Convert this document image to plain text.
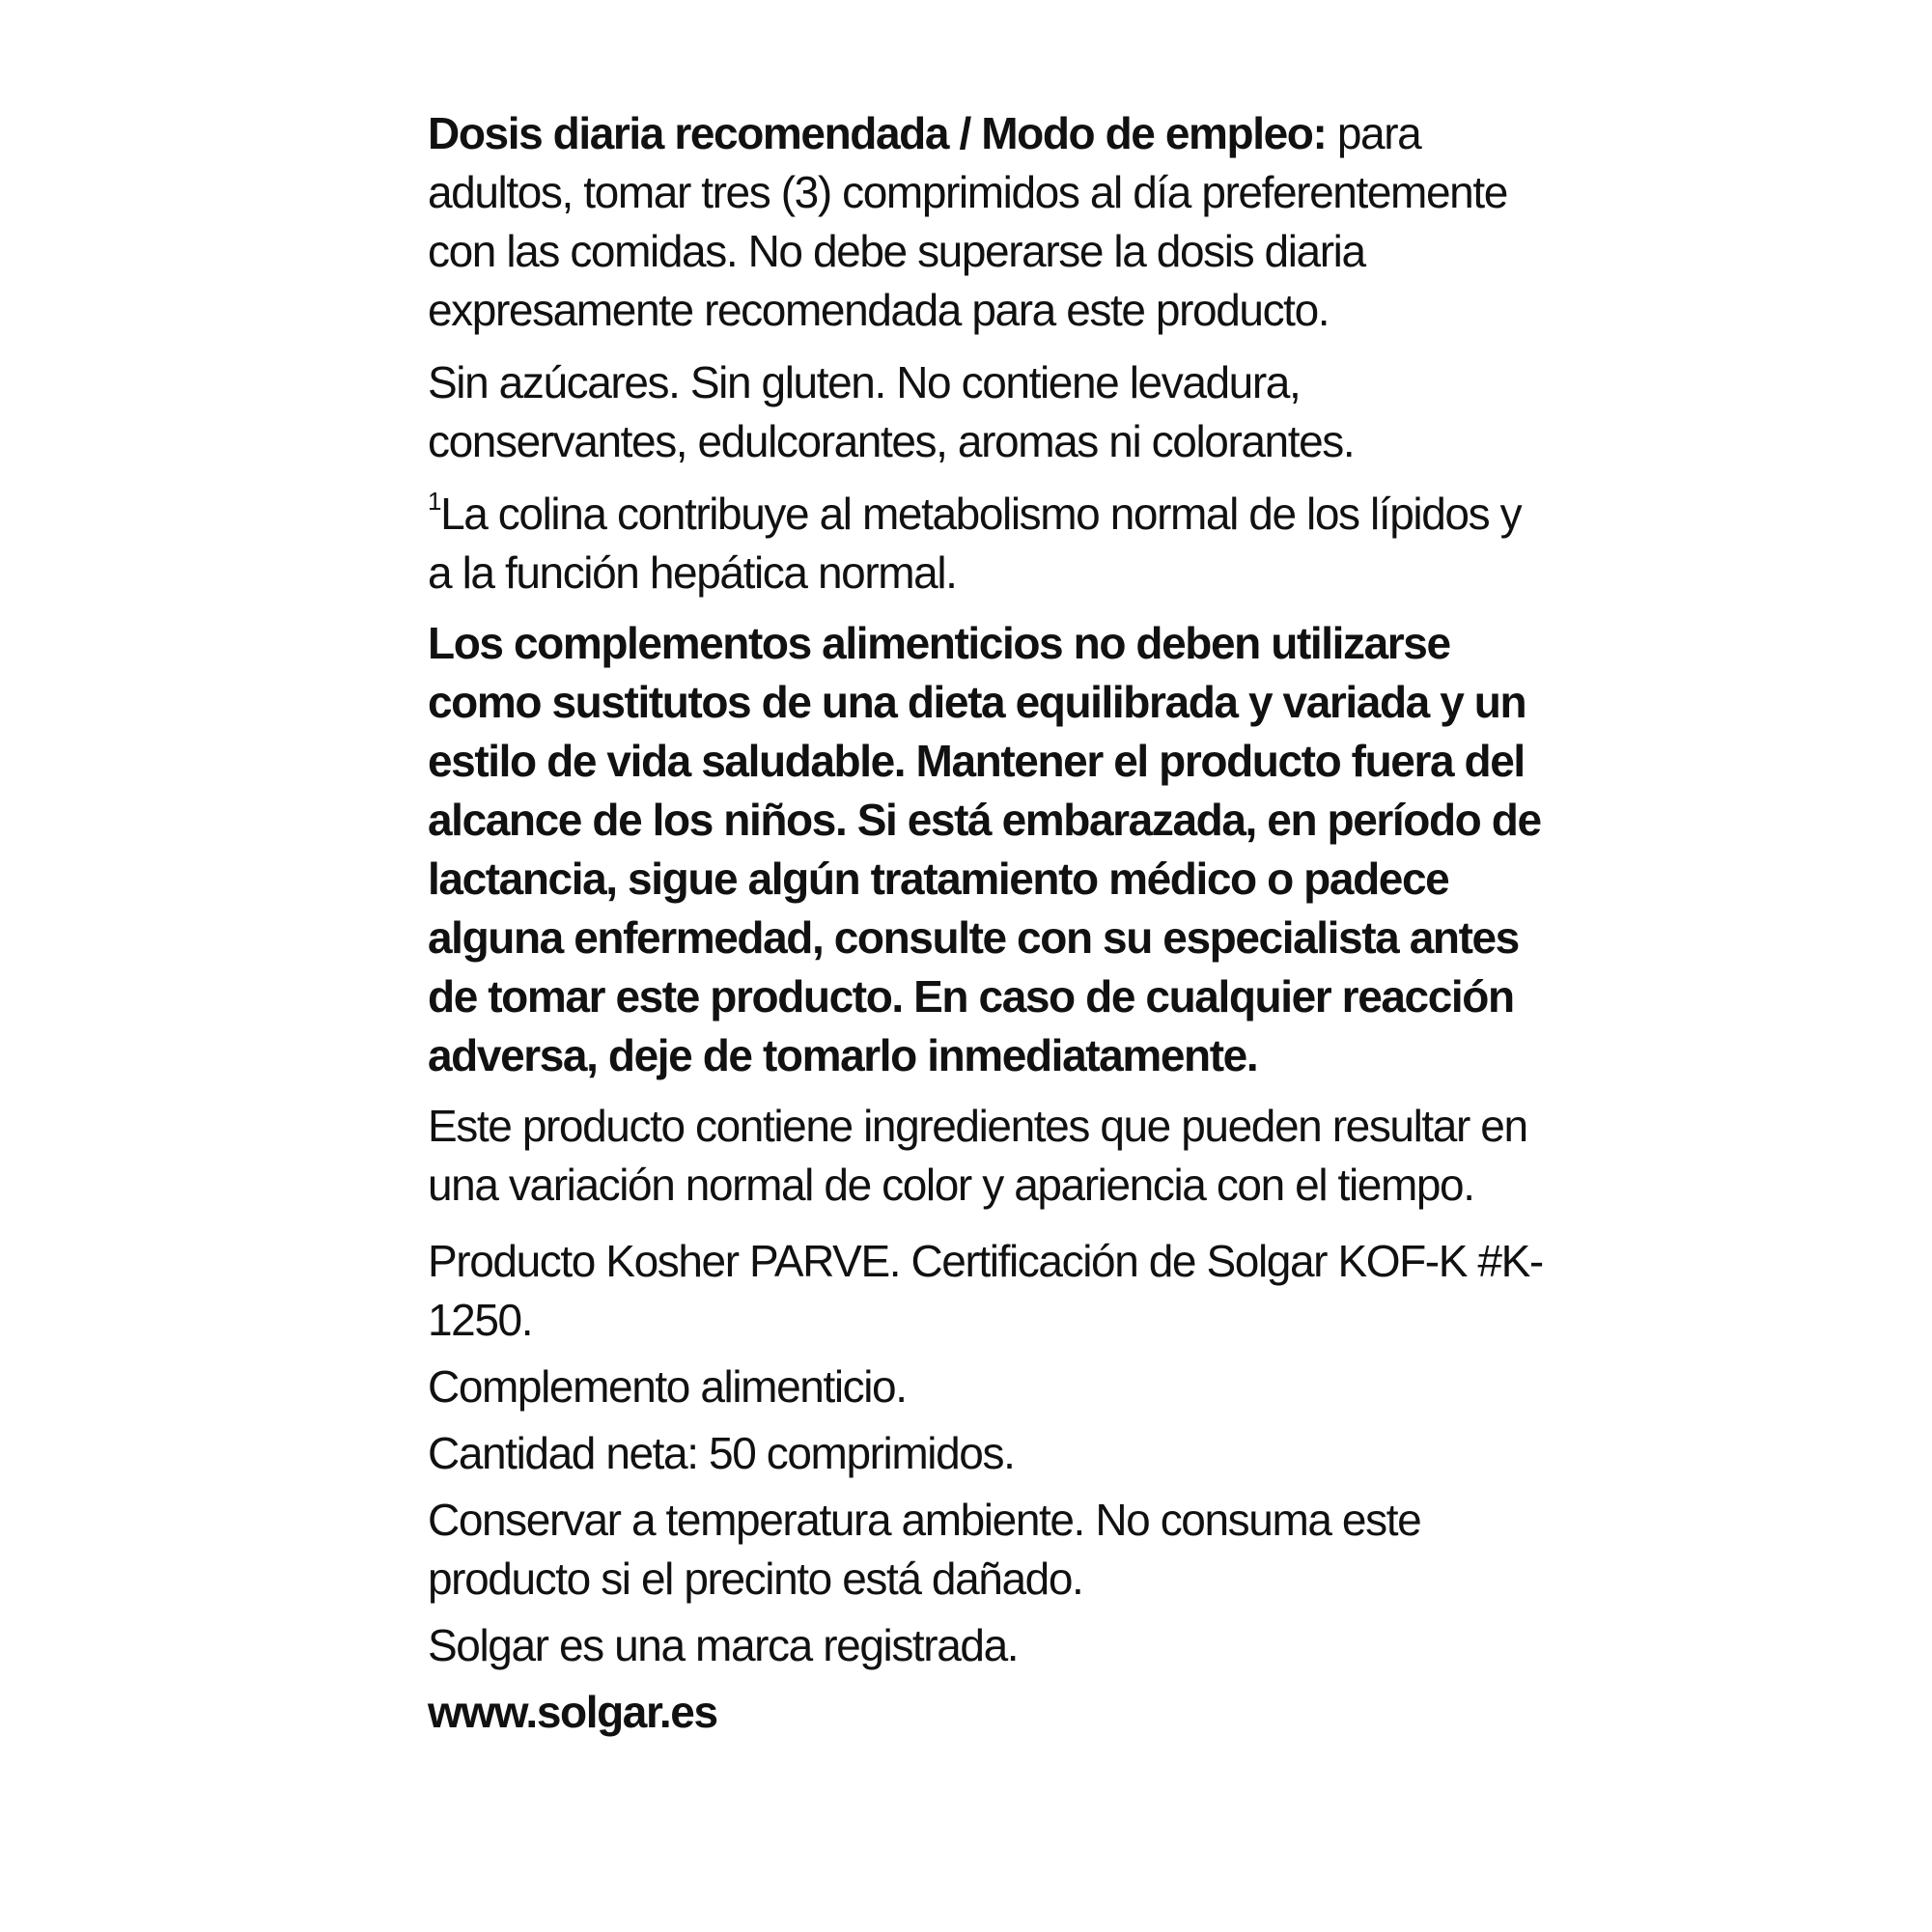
Dosis diaria recomendada / Modo de empleo: para adultos, tomar tres (3) comprimidos al día preferentemente con las comidas. No debe superarse la dosis diaria expresamente recomendada para este producto.

Sin azúcares. Sin gluten. No contiene levadura, conservantes, edulcorantes, aromas ni colorantes.

$^1$La colina contribuye al metabolismo normal de los lípidos y a la función hepática normal.

Los complementos alimenticios no deben utilizarse como sustitutos de una dieta equilibrada y variada y un estilo de vida saludable. Mantener el producto fuera del alcance de los niños. Si está embarazada, en período de lactancia, sigue algún tratamiento médico o padece alguna enfermedad, consulte con su especialista antes de tomar este producto. En caso de cualquier reacción adversa, deje de tomarlo inmediatamente.

Este producto contiene ingredientes que pueden resultar en una variación normal de color y apariencia con el tiempo.

Producto Kosher PARVE. Certificación de Solgar KOF-K #K-1250.

Complemento alimenticio.

Cantidad neta: 50 comprimidos.

Conservar a temperatura ambiente. No consuma este producto si el precinto está dañado.

Solgar es una marca registrada.

www.solgar.es
